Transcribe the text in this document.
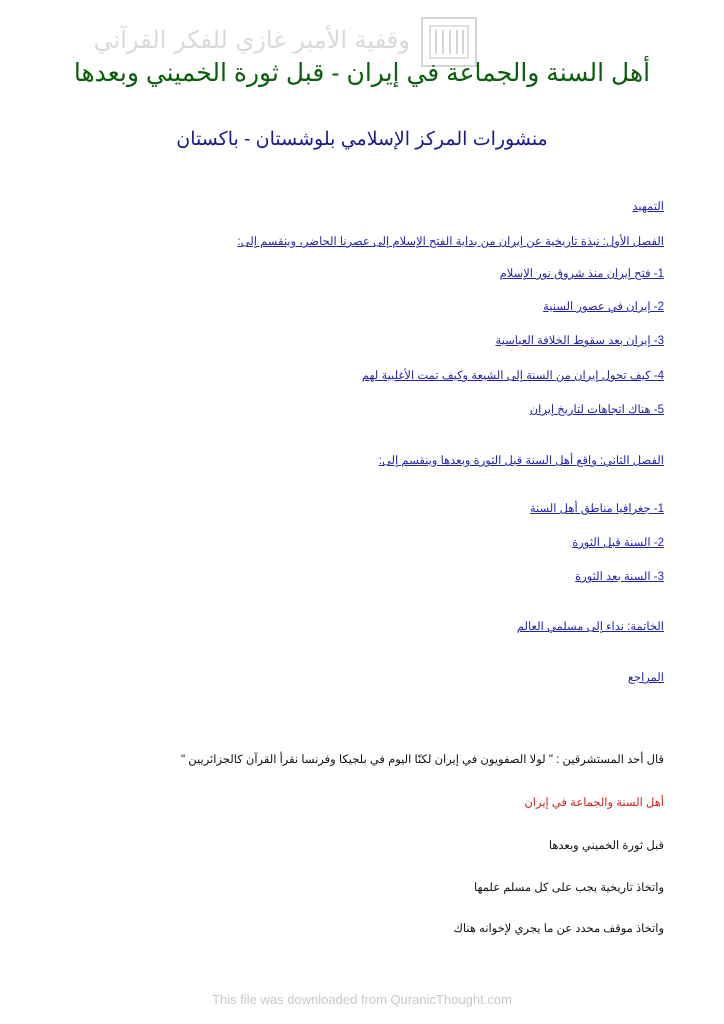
وقفية الأمير غازي للفكر القرآني
أهل السنة والجماعة في إيران - قبل ثورة الخميني وبعدها
منشورات المركز الإسلامي بلوشستان - باكستان
التمهيد
الفصل الأول: نبذة تاريخية عن إيران من بداية الفتح الإسلام إلى عصرنا الحاضر، وينقسم إلى:
1- فتح إيران منذ شروق نور الإسلام
2- إيران في عصور السنية
3- إيران بعد سقوط الخلافة العباسية
4- كيف تحول إيران من السنة إلى الشيعة وكيف تمت الأغلبية لهم
5- هناك اتجاهات لتاريخ إيران
الفصل الثاني: واقع أهل السنة قبل الثورة وبعدها وينقسم إلى:
1- جغرافيا مناطق أهل السنة
2- السنة قبل الثورة
3- السنة بعد الثورة
الخاتمة: نداء إلى مسلمي العالم
المراجع
قال أحد المستشرقين : " لولا الصفويون في إيران لكنّا اليوم في بلجيكا وفرنسا نقرأ القرآن كالجزائريين "
أهل السنة والجماعة في إيران
قبل ثورة الخميني وبعدها
واتخاذ تاريخية يجب على كل مسلم علمها
واتخاذ موقف محدد عن ما يجري لإخوانه هناك
This file was downloaded from QuranicThought.com
